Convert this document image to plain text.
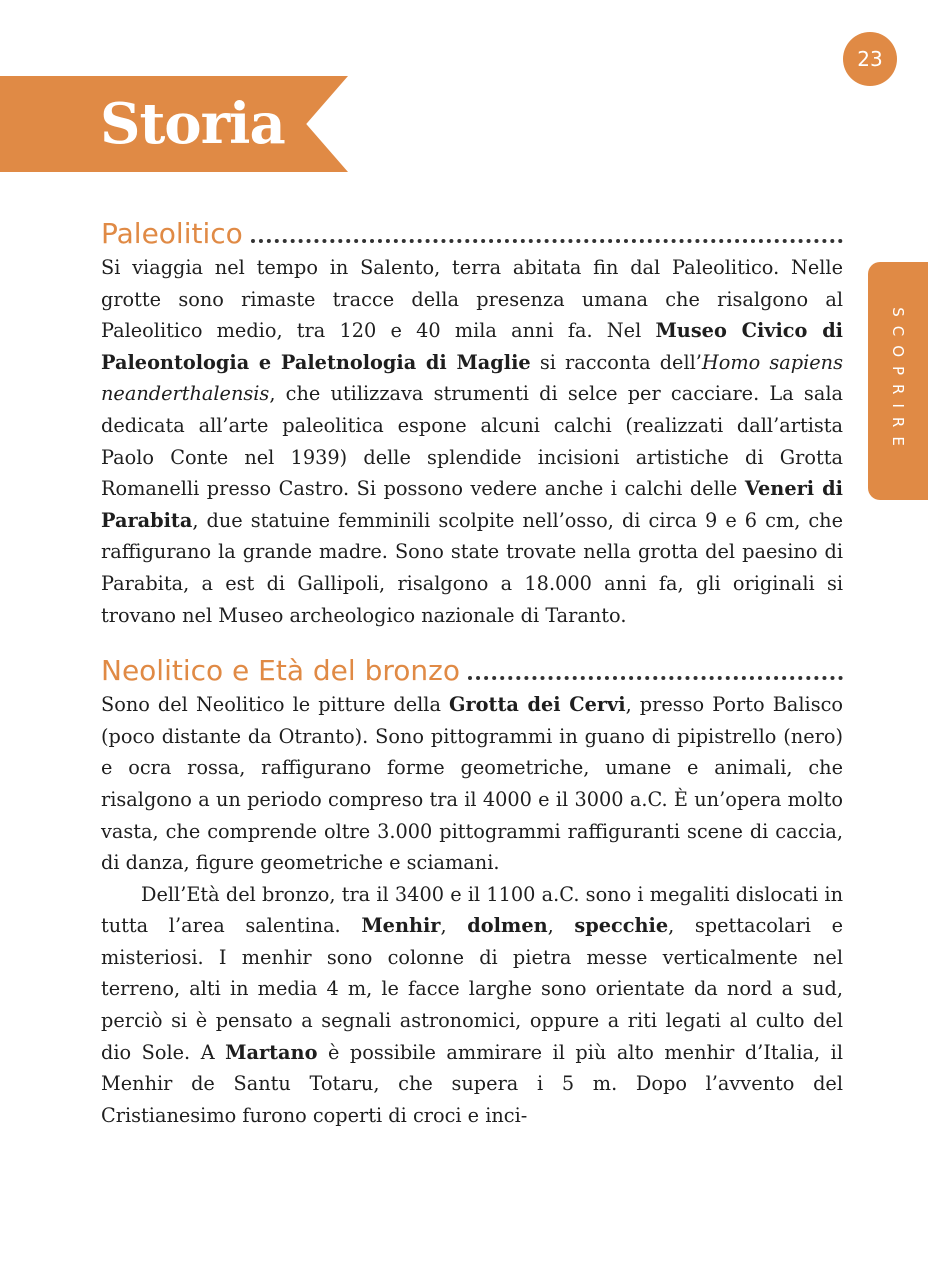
23
Storia
SCOPRIRE
Paleolitico

Si viaggia nel tempo in Salento, terra abitata fin dal Paleolitico. Nelle grotte sono rimaste tracce della presenza umana che risalgono al Paleolitico medio, tra 120 e 40 mila anni fa. Nel Museo Civico di Paleontologia e Paletnologia di Maglie si racconta dell’Homo sapiens neanderthalensis, che utilizzava strumenti di selce per cacciare. La sala dedicata all’arte paleolitica espone alcuni calchi (realizzati dall’artista Paolo Conte nel 1939) delle splendide incisioni artistiche di Grotta Romanelli presso Castro. Si possono vedere anche i calchi delle Veneri di Parabita, due statuine femminili scolpite nell’osso, di circa 9 e 6 cm, che raffigurano la grande madre. Sono state trovate nella grotta del paesino di Parabita, a est di Gallipoli, risalgono a 18.000 anni fa, gli originali si trovano nel Museo archeologico nazionale di Taranto.

Neolitico e Età del bronzo

Sono del Neolitico le pitture della Grotta dei Cervi, presso Porto Balisco (poco distante da Otranto). Sono pittogrammi in guano di pipistrello (nero) e ocra rossa, raffigurano forme geometriche, umane e animali, che risalgono a un periodo compreso tra il 4000 e il 3000 a.C. È un’opera molto vasta, che comprende oltre 3.000 pittogrammi raffiguranti scene di caccia, di danza, figure geometriche e sciamani.

Dell’Età del bronzo, tra il 3400 e il 1100 a.C. sono i megaliti dislocati in tutta l’area salentina. Menhir, dolmen, specchie, spettacolari e misteriosi. I menhir sono colonne di pietra messe verticalmente nel terreno, alti in media 4 m, le facce larghe sono orientate da nord a sud, perciò si è pensato a segnali astronomici, oppure a riti legati al culto del dio Sole. A Martano è possibile ammirare il più alto menhir d’Italia, il Menhir de Santu Totaru, che supera i 5 m. Dopo l’avvento del Cristianesimo furono coperti di croci e inci-
